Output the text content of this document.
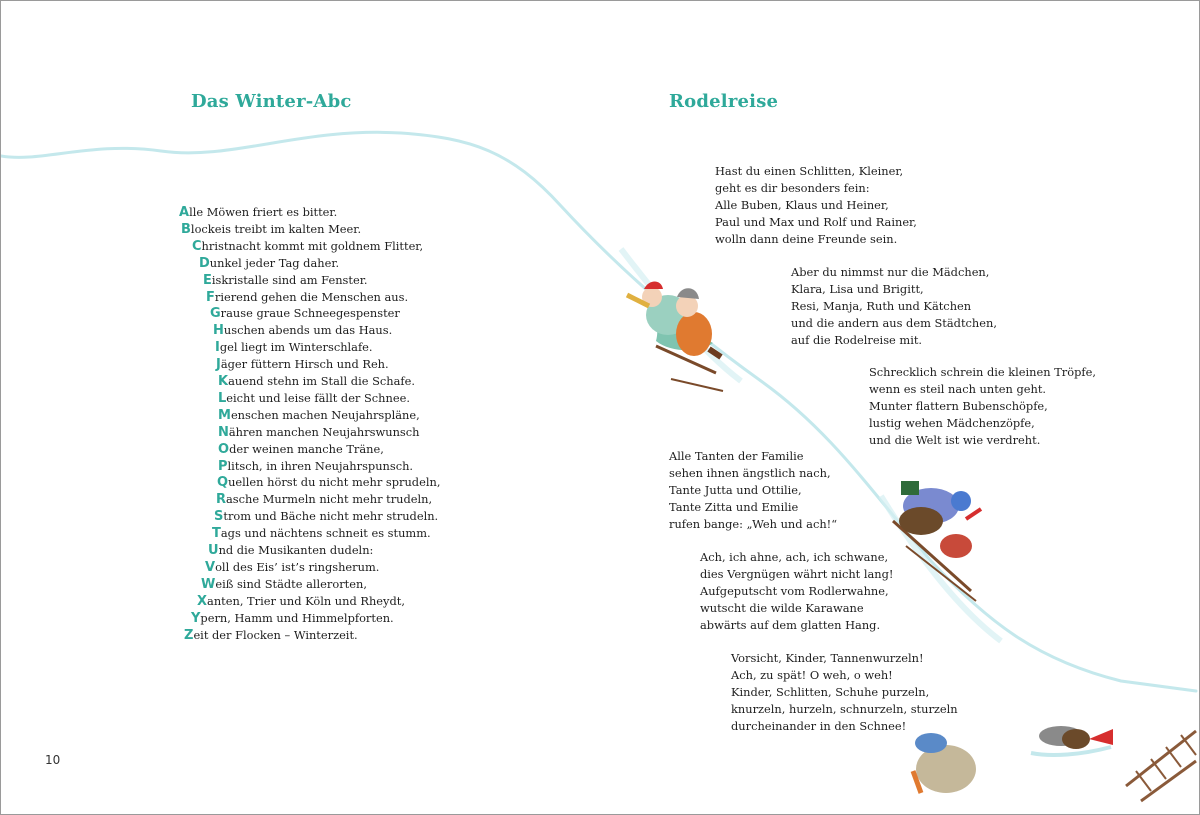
Das Winter-Abc
Alle Möwen friert es bitter.
Blockeis treibt im kalten Meer.
Christnacht kommt mit goldnem Flitter,
Dunkel jeder Tag daher.
Eiskristalle sind am Fenster.
Frierend gehen die Menschen aus.
Grause graue Schneegespenster
Huschen abends um das Haus.
Igel liegt im Winterschlafe.
Jäger füttern Hirsch und Reh.
Kauend stehn im Stall die Schafe.
Leicht und leise fällt der Schnee.
Menschen machen Neujahrspläne,
Nähren manchen Neujahrswunsch
Oder weinen manche Träne,
Plitsch, in ihren Neujahrspunsch.
Quellen hörst du nicht mehr sprudeln,
Rasche Murmeln nicht mehr trudeln,
Strom und Bäche nicht mehr strudeln.
Tags und nächtens schneit es stumm.
Und die Musikanten dudeln:
Voll des Eis’ ist’s ringsherum.
Weiß sind Städte allerorten,
Xanten, Trier und Köln und Rheydt,
Ypern, Hamm und Himmelpforten.
Zeit der Flocken – Winterzeit.
10
Rodelreise
Hast du einen Schlitten, Kleiner,
geht es dir besonders fein:
Alle Buben, Klaus und Heiner,
Paul und Max und Rolf und Rainer,
wolln dann deine Freunde sein.
Aber du nimmst nur die Mädchen,
Klara, Lisa und Brigitt,
Resi, Manja, Ruth und Kätchen
und die andern aus dem Städtchen,
auf die Rodelreise mit.
Schrecklich schrein die kleinen Tröpfe,
wenn es steil nach unten geht.
Munter flattern Bubenschöpfe,
lustig wehen Mädchenzöpfe,
und die Welt ist wie verdreht.
Alle Tanten der Familie
sehen ihnen ängstlich nach,
Tante Jutta und Ottilie,
Tante Zitta und Emilie
rufen bange: „Weh und ach!“
Ach, ich ahne, ach, ich schwane,
dies Vergnügen währt nicht lang!
Aufgeputscht vom Rodlerwahne,
wutscht die wilde Karawane
abwärts auf dem glatten Hang.
Vorsicht, Kinder, Tannenwurzeln!
Ach, zu spät! O weh, o weh!
Kinder, Schlitten, Schuhe purzeln,
knurzeln, hurzeln, schnurzeln, sturzeln
durcheinander in den Schnee!
